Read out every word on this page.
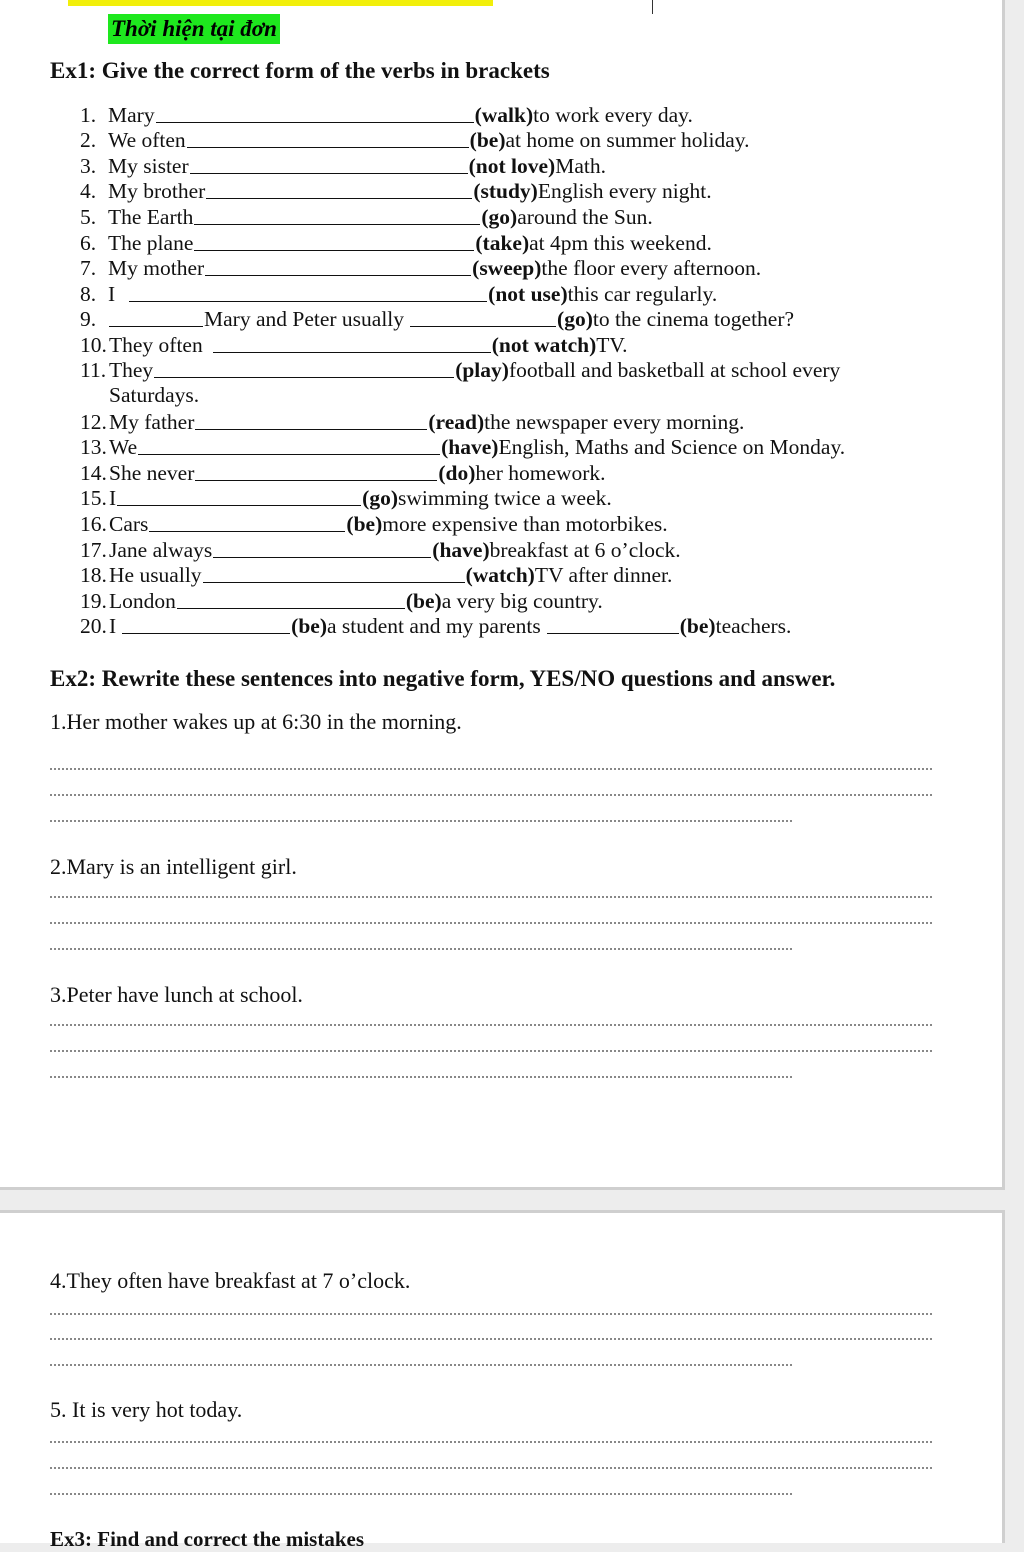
Thời hiện tại đơn
Ex1: Give the correct form of the verbs in brackets
1. Mary	(walk) to work every day.
2. We often	(be) at home on summer holiday.
3. My sister	(not love) Math.
4. My brother	(study) English every night.
5. The Earth	(go) around the Sun.
6. The plane	(take) at 4pm this weekend.
7. My mother	(sweep) the floor every afternoon.
8. I	(not use) this car regularly.
9.	Mary and Peter usually	(go) to the cinema together?
10. They often	(not watch) TV.
11. They	(play) football and basketball at school every
Saturdays.
12. My father	(read) the newspaper every morning.
13. We	(have) English, Maths and Science on Monday.
14. She never	(do) her homework.
15. I	(go) swimming twice a week.
16. Cars	(be) more expensive than motorbikes.
17. Jane always	(have) breakfast at 6 o’clock.
18. He usually	(watch) TV after dinner.
19. London	(be) a very big country.
20. I	(be) a student and my parents	(be) teachers.
Ex2: Rewrite these sentences into negative form, YES/NO questions and answer.
1.Her mother wakes up at 6:30 in the morning.
2.Mary is an intelligent girl.
3.Peter have lunch at school.
4.They often have breakfast at 7 o’clock.
5. It is very hot today.
Ex3: Find and correct the mistakes
